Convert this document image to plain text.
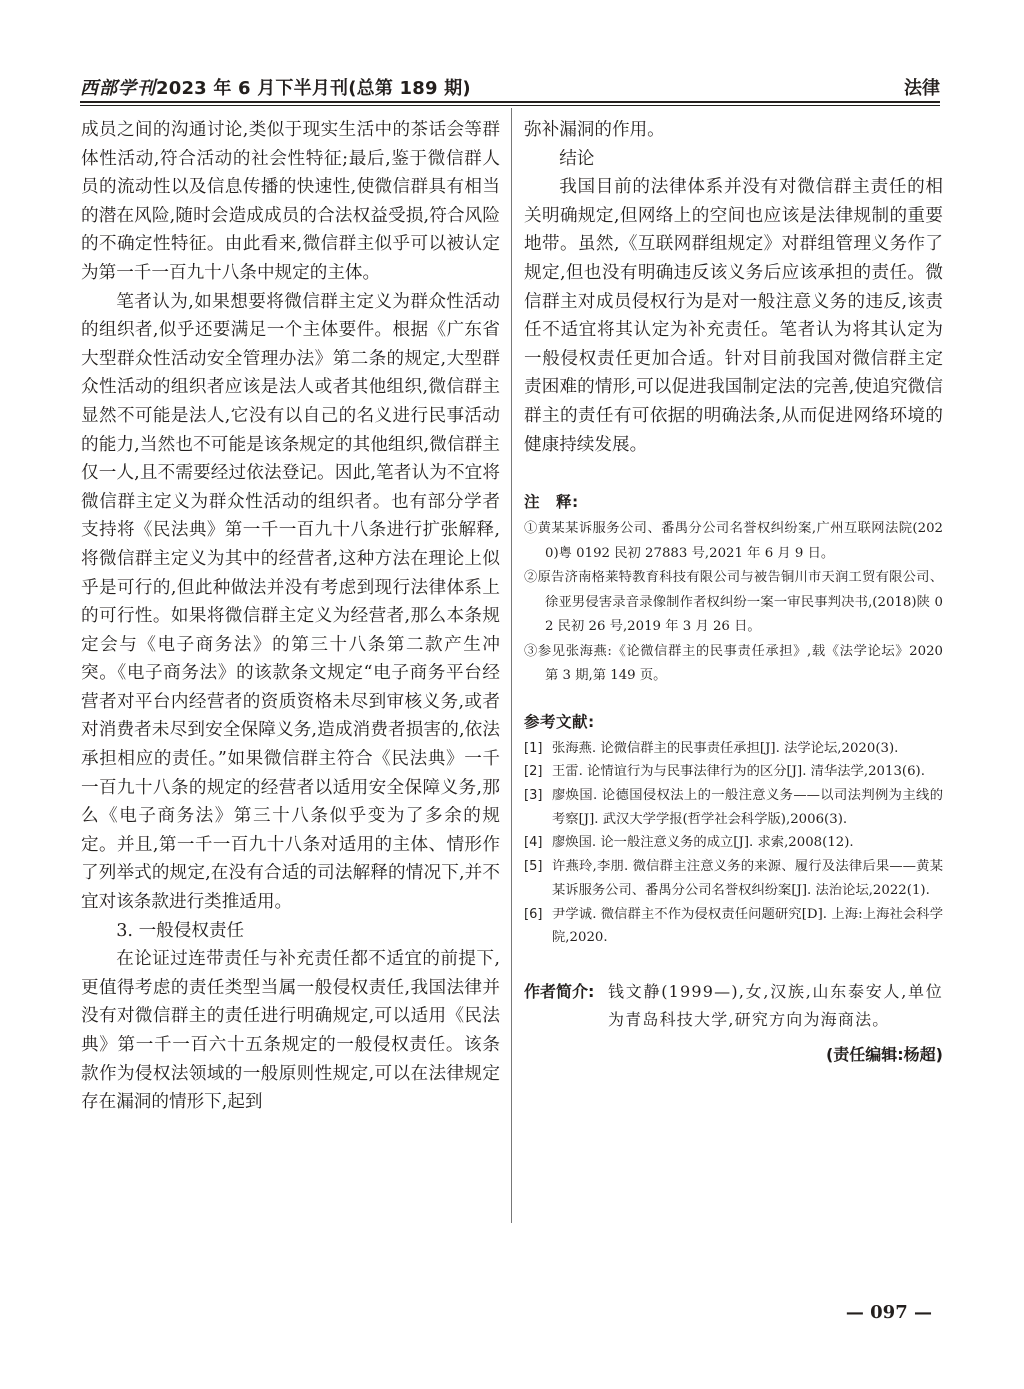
西部学刊2023 年 6 月下半月刊(总第 189 期)	法律

成员之间的沟通讨论,类似于现实生活中的茶话会等群体性活动,符合活动的社会性特征;最后,鉴于微信群人员的流动性以及信息传播的快速性,使微信群具有相当的潜在风险,随时会造成成员的合法权益受损,符合风险的不确定性特征。由此看来,微信群主似乎可以被认定为第一千一百九十八条中规定的主体。

笔者认为,如果想要将微信群主定义为群众性活动的组织者,似乎还要满足一个主体要件。根据《广东省大型群众性活动安全管理办法》第二条的规定,大型群众性活动的组织者应该是法人或者其他组织,微信群主显然不可能是法人,它没有以自己的名义进行民事活动的能力,当然也不可能是该条规定的其他组织,微信群主仅一人,且不需要经过依法登记。因此,笔者认为不宜将微信群主定义为群众性活动的组织者。也有部分学者支持将《民法典》第一千一百九十八条进行扩张解释,将微信群主定义为其中的经营者,这种方法在理论上似乎是可行的,但此种做法并没有考虑到现行法律体系上的可行性。如果将微信群主定义为经营者,那么本条规定会与《电子商务法》的第三十八条第二款产生冲突。《电子商务法》的该款条文规定“电子商务平台经营者对平台内经营者的资质资格未尽到审核义务,或者对消费者未尽到安全保障义务,造成消费者损害的,依法承担相应的责任。”如果微信群主符合《民法典》一千一百九十八条的规定的经营者以适用安全保障义务,那么《电子商务法》第三十八条似乎变为了多余的规定。并且,第一千一百九十八条对适用的主体、情形作了列举式的规定,在没有合适的司法解释的情况下,并不宜对该条款进行类推适用。

3. 一般侵权责任

在论证过连带责任与补充责任都不适宜的前提下,更值得考虑的责任类型当属一般侵权责任,我国法律并没有对微信群主的责任进行明确规定,可以适用《民法典》第一千一百六十五条规定的一般侵权责任。该条款作为侵权法领域的一般原则性规定,可以在法律规定存在漏洞的情形下,起到

弥补漏洞的作用。

结论

我国目前的法律体系并没有对微信群主责任的相关明确规定,但网络上的空间也应该是法律规制的重要地带。虽然,《互联网群组规定》对群组管理义务作了规定,但也没有明确违反该义务后应该承担的责任。微信群主对成员侵权行为是对一般注意义务的违反,该责任不适宜将其认定为补充责任。笔者认为将其认定为一般侵权责任更加合适。针对目前我国对微信群主定责困难的情形,可以促进我国制定法的完善,使追究微信群主的责任有可依据的明确法条,从而促进网络环境的健康持续发展。

注　释:

①黄某某诉服务公司、番禺分公司名誉权纠纷案,广州互联网法院(2020)粤 0192 民初 27883 号,2021 年 6 月 9 日。

②原告济南格莱特教育科技有限公司与被告铜川市天润工贸有限公司、徐亚男侵害录音录像制作者权纠纷一案一审民事判决书,(2018)陕 02 民初 26 号,2019 年 3 月 26 日。

③参见张海燕:《论微信群主的民事责任承担》,载《法学论坛》2020 第 3 期,第 149 页。

参考文献:
[1] 张海燕. 论微信群主的民事责任承担[J]. 法学论坛,2020(3).
[2] 王雷. 论情谊行为与民事法律行为的区分[J]. 清华法学,2013(6).
[3] 廖焕国. 论德国侵权法上的一般注意义务——以司法判例为主线的考察[J]. 武汉大学学报(哲学社会科学版),2006(3).
[4] 廖焕国. 论一般注意义务的成立[J]. 求索,2008(12).
[5] 许燕玲,李朋. 微信群主注意义务的来源、履行及法律后果——黄某某诉服务公司、番禺分公司名誉权纠纷案[J]. 法治论坛,2022(1).
[6] 尹学诚. 微信群主不作为侵权责任问题研究[D]. 上海:上海社会科学院,2020.
作者简介: 钱文静(1999—),女,汉族,山东泰安人,单位为青岛科技大学,研究方向为海商法。
(责任编辑:杨超)
— 097 —
